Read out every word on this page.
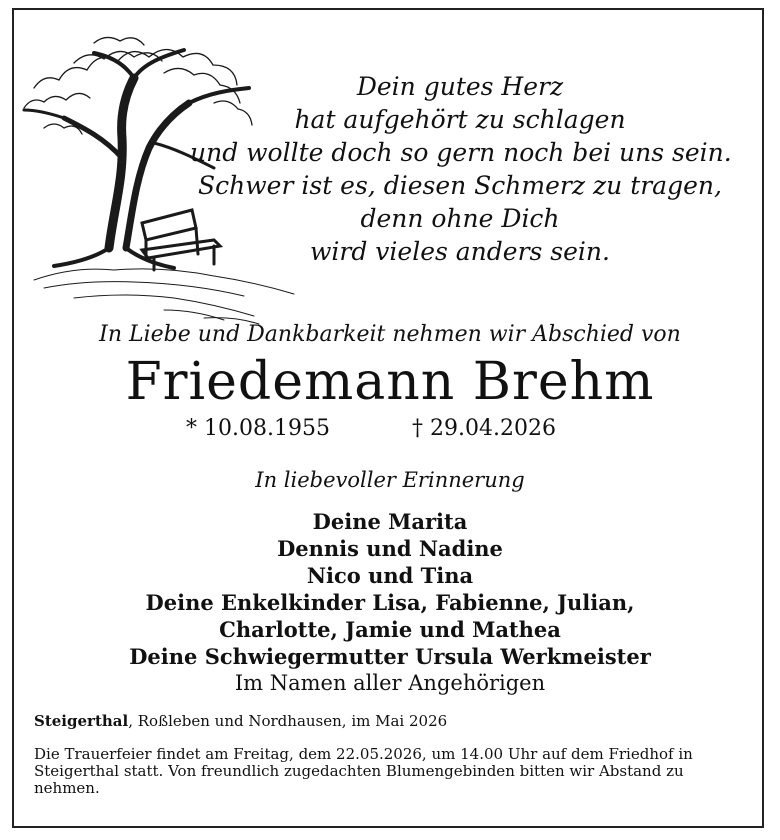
Dein gutes Herz
hat aufgehört zu schlagen
und wollte doch so gern noch bei uns sein.
Schwer ist es, diesen Schmerz zu tragen,
denn ohne Dich
wird vieles anders sein.
In Liebe und Dankbarkeit nehmen wir Abschied von
Friedemann Brehm
* 10.08.1955	† 29.04.2026
In liebevoller Erinnerung
Deine Marita
Dennis und Nadine
Nico und Tina
Deine Enkelkinder Lisa, Fabienne, Julian,
Charlotte, Jamie und Mathea
Deine Schwiegermutter Ursula Werkmeister
Im Namen aller Angehörigen
Steigerthal, Roßleben und Nordhausen, im Mai 2026
Die Trauerfeier findet am Freitag, dem 22.05.2026, um 14.00 Uhr auf dem Friedhof in Steigerthal statt. Von freundlich zugedachten Blumengebinden bitten wir Abstand zu nehmen.
